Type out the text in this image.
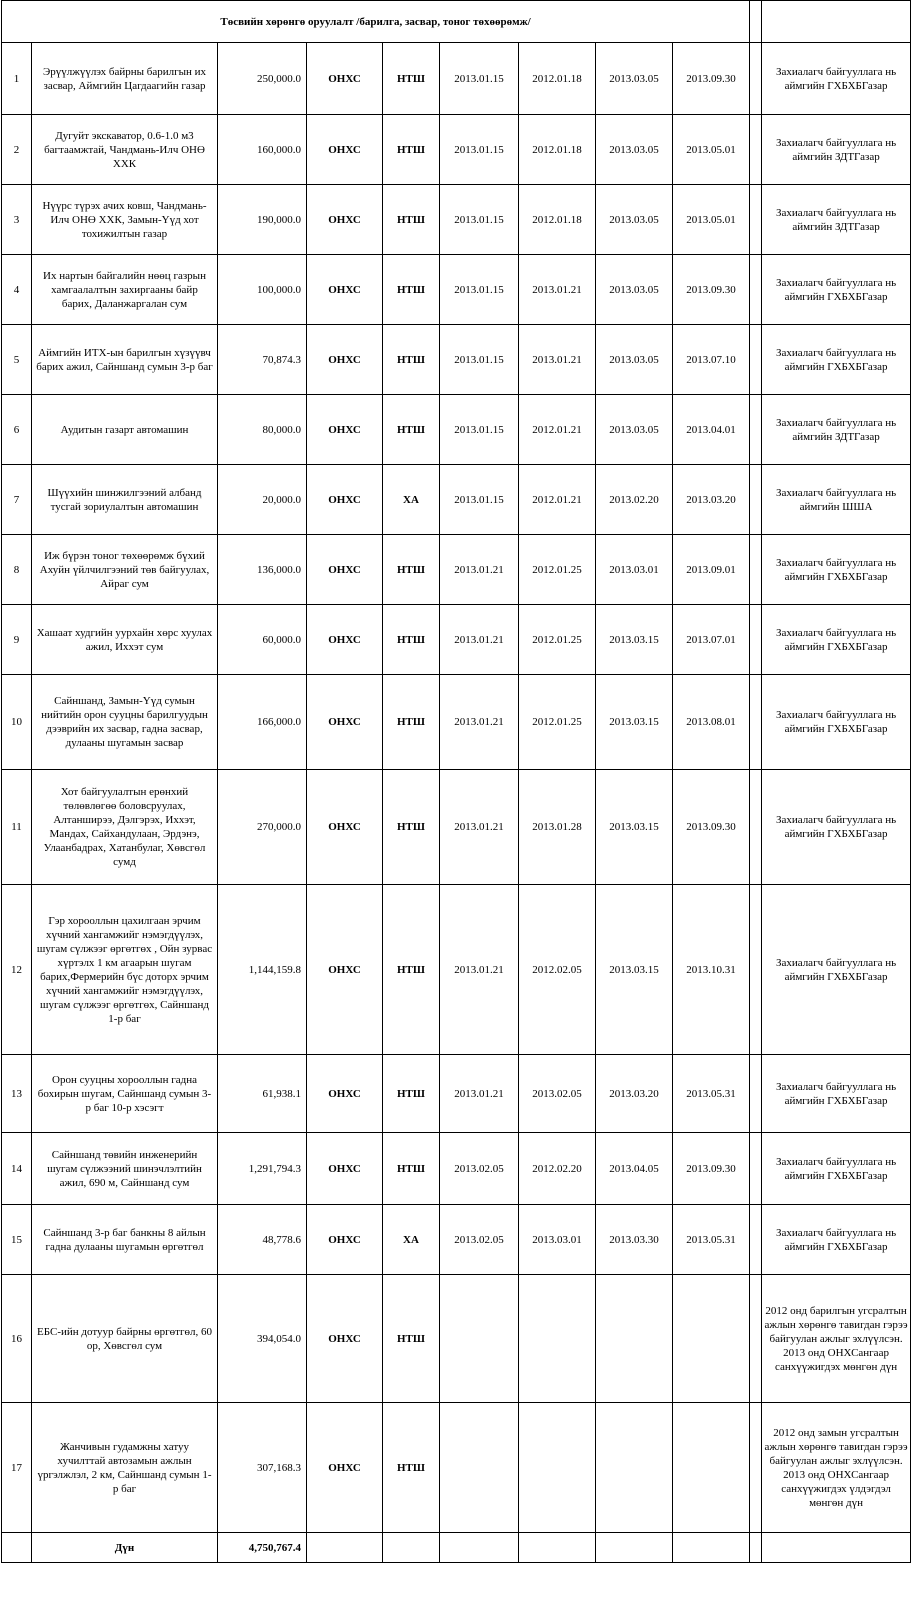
Төсвийн хөрөнгө оруулалт /барилга, засвар, тоног төхөөрөмж/										
1	Эрүүлжүүлэх байрны барилгын их засвар, Аймгийн Цагдаагийн газар	250,000.0	ОНХС	НТШ	2013.01.15	2012.01.18	2013.03.05	2013.09.30		Захиалагч байгууллага нь аймгийн ГХБХБГазар
2	Дугуйт экскаватор, 0.6-1.0 м3 багтаамжтай, Чандмань-Илч ОНӨ ХХК	160,000.0	ОНХС	НТШ	2013.01.15	2012.01.18	2013.03.05	2013.05.01		Захиалагч байгууллага нь аймгийн ЗДТГазар
3	Нүүрс түрэх ачих ковш, Чандмань-Илч ОНӨ ХХК, Замын-Үүд хот тохижилтын газар	190,000.0	ОНХС	НТШ	2013.01.15	2012.01.18	2013.03.05	2013.05.01		Захиалагч байгууллага нь аймгийн ЗДТГазар
4	Их нартын байгалийн нөөц газрын хамгаалалтын захиргааны байр барих, Даланжаргалан сум	100,000.0	ОНХС	НТШ	2013.01.15	2013.01.21	2013.03.05	2013.09.30		Захиалагч байгууллага нь аймгийн ГХБХБГазар
5	Аймгийн ИТХ-ын барилгын хүзүүвч барих ажил, Сайншанд сумын 3-р баг	70,874.3	ОНХС	НТШ	2013.01.15	2013.01.21	2013.03.05	2013.07.10		Захиалагч байгууллага нь аймгийн ГХБХБГазар
6	Аудитын газарт автомашин	80,000.0	ОНХС	НТШ	2013.01.15	2012.01.21	2013.03.05	2013.04.01		Захиалагч байгууллага нь аймгийн ЗДТГазар
7	Шүүхийн шинжилгээний албанд тусгай зориулалтын автомашин	20,000.0	ОНХС	ХА	2013.01.15	2012.01.21	2013.02.20	2013.03.20		Захиалагч байгууллага нь аймгийн ШША
8	Иж бүрэн тоног төхөөрөмж бүхий Ахуйн үйлчилгээний төв байгуулах, Айраг сум	136,000.0	ОНХС	НТШ	2013.01.21	2012.01.25	2013.03.01	2013.09.01		Захиалагч байгууллага нь аймгийн ГХБХБГазар
9	Хашаат худгийн уурхайн хөрс хуулах ажил, Иххэт сум	60,000.0	ОНХС	НТШ	2013.01.21	2012.01.25	2013.03.15	2013.07.01		Захиалагч байгууллага нь аймгийн ГХБХБГазар
10	Сайншанд, Замын-Үүд сумын нийтийн орон сууцны барилгуудын дээврийн их засвар, гадна засвар, дулааны шугамын засвар	166,000.0	ОНХС	НТШ	2013.01.21	2012.01.25	2013.03.15	2013.08.01		Захиалагч байгууллага нь аймгийн ГХБХБГазар
11	Хот байгуулалтын ерөнхий төлөвлөгөө боловсруулах, Алтанширээ, Дэлгэрэх, Иххэт, Мандах, Сайхандулаан, Эрдэнэ, Улаанбадрах, Хатанбулаг, Хөвсгөл сумд	270,000.0	ОНХС	НТШ	2013.01.21	2013.01.28	2013.03.15	2013.09.30		Захиалагч байгууллага нь аймгийн ГХБХБГазар
12	Гэр хорооллын цахилгаан эрчим хүчний хангамжийг нэмэгдүүлэх, шугам сүлжээг өргөтгөх , Ойн зурвас хүртэлх 1 км агаарын шугам барих,Фермерийн бүс доторх эрчим хүчний хангамжийг нэмэгдүүлэх, шугам сүлжээг өргөтгөх, Сайншанд 1-р баг	1,144,159.8	ОНХС	НТШ	2013.01.21	2012.02.05	2013.03.15	2013.10.31		Захиалагч байгууллага нь аймгийн ГХБХБГазар
13	Орон сууцны хорооллын гадна бохирын шугам, Сайншанд сумын 3-р баг 10-р хэсэгт	61,938.1	ОНХС	НТШ	2013.01.21	2013.02.05	2013.03.20	2013.05.31		Захиалагч байгууллага нь аймгийн ГХБХБГазар
14	Сайншанд төвийн инженерийн шугам сүлжээний шинэчлэлтийн ажил, 690 м, Сайншанд сум	1,291,794.3	ОНХС	НТШ	2013.02.05	2012.02.20	2013.04.05	2013.09.30		Захиалагч байгууллага нь аймгийн ГХБХБГазар
15	Сайншанд 3-р баг банкны 8 айлын гадна дулааны шугамын өргөтгөл	48,778.6	ОНХС	ХА	2013.02.05	2013.03.01	2013.03.30	2013.05.31		Захиалагч байгууллага нь аймгийн ГХБХБГазар
16	ЕБС-ийн дотуур байрны өргөтгөл, 60 ор, Хөвсгөл сум	394,054.0	ОНХС	НТШ						2012 онд барилгын угсралтын ажлын хөрөнгө тавигдан гэрээ байгуулан ажлыг эхлүүлсэн. 2013 онд ОНХСангаар санхүүжигдэх мөнгөн дүн
17	Жанчивын гудамжны хатуу хучилттай автозамын ажлын үргэлжлэл, 2 км, Сайншанд сумын 1-р баг	307,168.3	ОНХС	НТШ						2012 онд замын угсралтын ажлын хөрөнгө тавигдан гэрээ байгуулан ажлыг эхлүүлсэн. 2013 онд ОНХСангаар санхүүжигдэх үлдэгдэл мөнгөн дүн
	Дүн	4,750,767.4								
